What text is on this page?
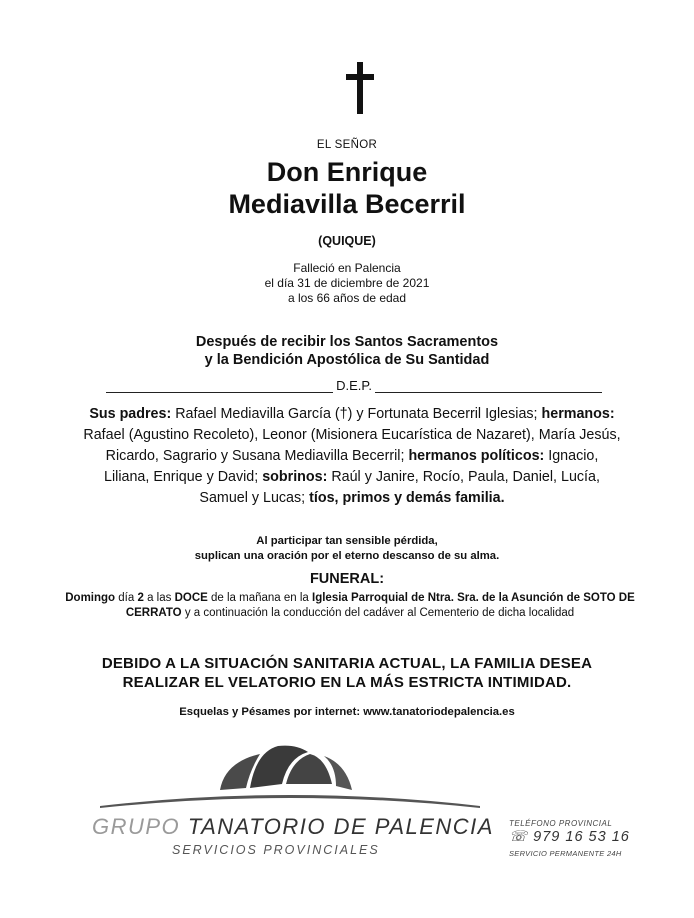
EL SEÑOR
Don Enrique
Mediavilla Becerril
(QUIQUE)
Falleció en Palencia
el día 31 de diciembre de 2021
a los 66 años de edad
Después de recibir los Santos Sacramentos
y la Bendición Apostólica de Su Santidad
D.E.P.
Sus padres: Rafael Mediavilla García (†) y Fortunata Becerril Iglesias; hermanos: Rafael (Agustino Recoleto), Leonor (Misionera Eucarística de Nazaret), María Jesús, Ricardo, Sagrario y Susana Mediavilla Becerril; hermanos políticos: Ignacio, Liliana, Enrique y David; sobrinos: Raúl y Janire, Rocío, Paula, Daniel, Lucía, Samuel y Lucas; tíos, primos y demás familia.
Al participar tan sensible pérdida,
suplican una oración por el eterno descanso de su alma.
FUNERAL:
Domingo día 2 a las DOCE de la mañana en la Iglesia Parroquial de Ntra. Sra. de la Asunción de SOTO DE CERRATO y a continuación la conducción del cadáver al Cementerio de dicha localidad
DEBIDO A LA SITUACIÓN SANITARIA ACTUAL, LA FAMILIA DESEA
REALIZAR EL VELATORIO EN LA MÁS ESTRICTA INTIMIDAD.
Esquelas y Pésames por internet: www.tanatoriodepalencia.es
GRUPO TANATORIO DE PALENCIA
SERVICIOS PROVINCIALES
TELÉFONO PROVINCIAL
☏ 979 16 53 16
SERVICIO PERMANENTE 24H
